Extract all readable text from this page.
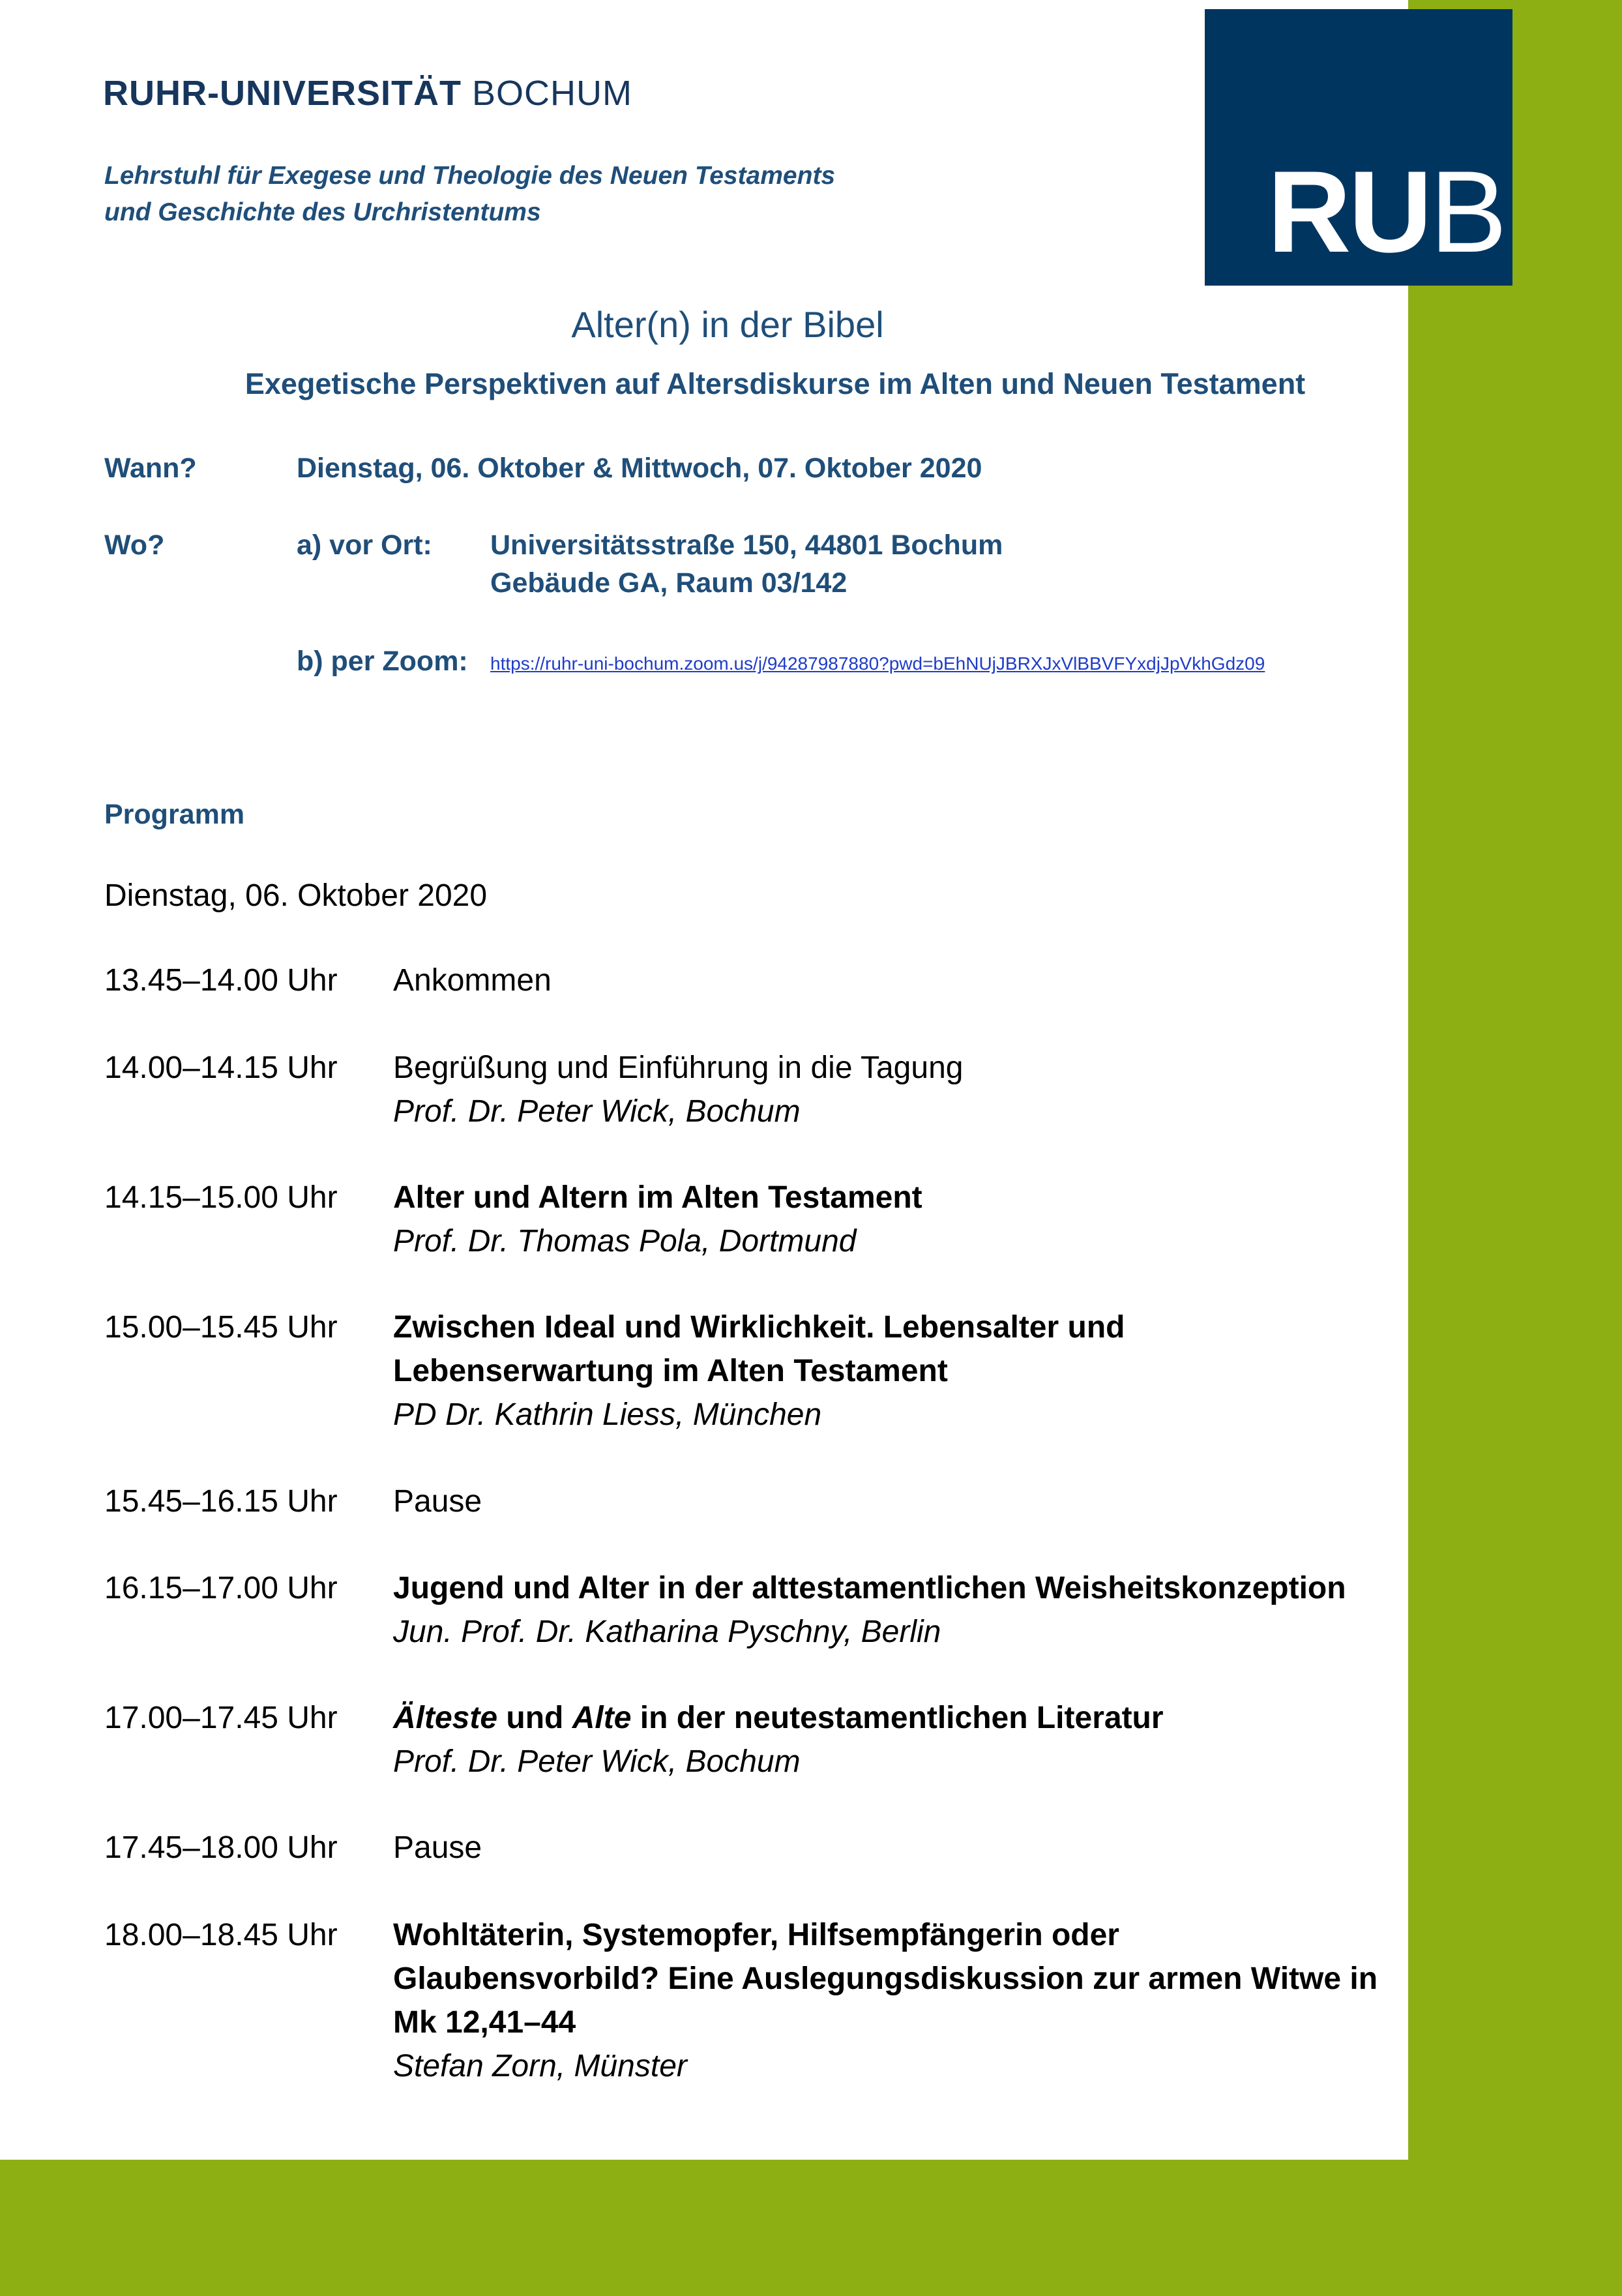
RUB
RUHR-UNIVERSITÄT BOCHUM
Lehrstuhl für Exegese und Theologie des Neuen Testaments
und Geschichte des Urchristentums
Alter(n) in der Bibel
Exegetische Perspektiven auf Altersdiskurse im Alten und Neuen Testament
Wann?	Dienstag, 06. Oktober & Mittwoch, 07. Oktober 2020
Wo?	a) vor Ort: Universitätsstraße 150, 44801 Bochum
Gebäude GA, Raum 03/142
b) per Zoom: https://ruhr-uni-bochum.zoom.us/j/94287987880?pwd=bEhNUjJBRXJxVlBBVFYxdjJpVkhGdz09
Programm
Dienstag, 06. Oktober 2020
13.45–14.00 Uhr Ankommen
14.00–14.15 Uhr Begrüßung und Einführung in die Tagung
Prof. Dr. Peter Wick, Bochum
14.15–15.00 Uhr Alter und Altern im Alten Testament
Prof. Dr. Thomas Pola, Dortmund
15.00–15.45 Uhr Zwischen Ideal und Wirklichkeit. Lebensalter und
Lebenserwartung im Alten Testament
PD Dr. Kathrin Liess, München
15.45–16.15 Uhr Pause
16.15–17.00 Uhr Jugend und Alter in der alttestamentlichen Weisheitskonzeption
Jun. Prof. Dr. Katharina Pyschny, Berlin
17.00–17.45 Uhr Älteste und Alte in der neutestamentlichen Literatur
Prof. Dr. Peter Wick, Bochum
17.45–18.00 Uhr Pause
18.00–18.45 Uhr Wohltäterin, Systemopfer, Hilfsempfängerin oder
Glaubensvorbild? Eine Auslegungsdiskussion zur armen Witwe in
Mk 12,41–44
Stefan Zorn, Münster
